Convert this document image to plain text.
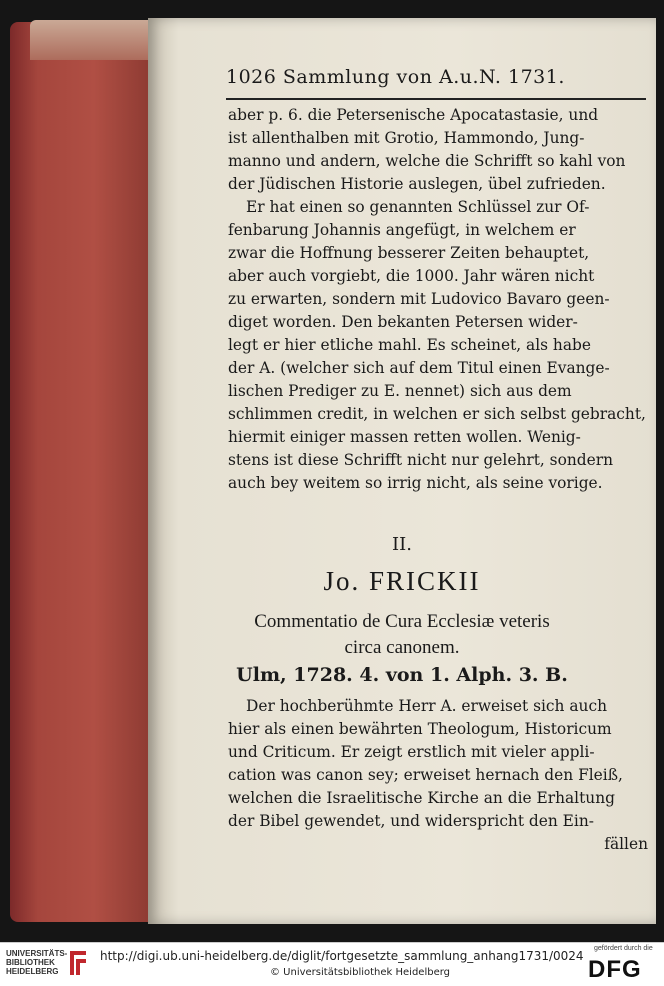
1026 Sammlung von A.u.N. 1731.
aber p. 6. die Petersenische Apocatastasie, und
ist allenthalben mit Grotio, Hammondo, Jung-
manno und andern, welche die Schrifft so kahl von
der Jüdischen Historie auslegen, übel zufrieden.
Er hat einen so genannten Schlüssel zur Of-
fenbarung Johannis angefügt, in welchem er
zwar die Hoffnung besserer Zeiten behauptet,
aber auch vorgiebt, die 1000. Jahr wären nicht
zu erwarten, sondern mit Ludovico Bavaro geen-
diget worden. Den bekanten Petersen wider-
legt er hier etliche mahl. Es scheinet, als habe
der A. (welcher sich auf dem Titul einen Evange-
lischen Prediger zu E. nennet) sich aus dem
schlimmen credit, in welchen er sich selbst gebracht,
hiermit einiger massen retten wollen. Wenig-
stens ist diese Schrifft nicht nur gelehrt, sondern
auch bey weitem so irrig nicht, als seine vorige.
II.
Jo. FRICKII
Commentatio de Cura Ecclesiæ veteris
circa canonem.
Ulm, 1728. 4. von 1. Alph. 3. B.
Der hochberühmte Herr A. erweiset sich auch
hier als einen bewährten Theologum, Historicum
und Criticum. Er zeigt erstlich mit vieler appli-
cation was canon sey; erweiset hernach den Fleiß,
welchen die Israelitische Kirche an die Erhaltung
der Bibel gewendet, und widerspricht den Ein-
fällen
UNIVERSITÄTS-
BIBLIOTHEK
HEIDELBERG
http://digi.ub.uni-heidelberg.de/diglit/fortgesetzte_sammlung_anhang1731/0024
© Universitätsbibliothek Heidelberg
gefördert durch die
DFG
